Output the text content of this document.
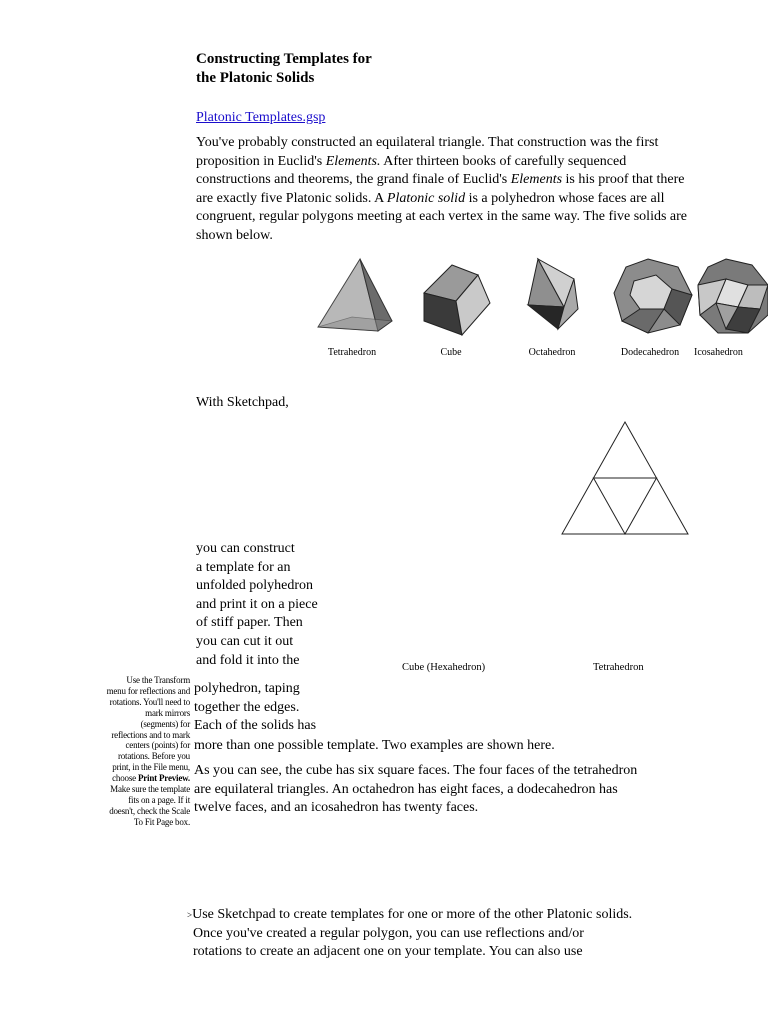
Constructing Templates for
the Platonic Solids
Platonic Templates.gsp
You've probably constructed an equilateral triangle. That construction was the first proposition in Euclid's Elements. After thirteen books of carefully sequenced constructions and theorems, the grand finale of Euclid's Elements is his proof that there are exactly five Platonic solids. A Platonic solid is a polyhedron whose faces are all congruent, regular polygons meeting at each vertex in the same way. The five solids are shown below.
Tetrahedron	Cube	Octahedron	Dodecahedron	Icosahedron
With Sketchpad,
you can construct
a template for an
unfolded polyhedron
and print it on a piece
of stiff paper. Then
you can cut it out
and fold it into the	Cube (Hexahedron)	Tetrahedron
Use the Transform menu for reflections and rotations. You'll need to mark mirrors (segments) for reflections and to mark centers (points) for rotations. Before you print, in the File menu, choose Print Preview. Make sure the template fits on a page. If it doesn't, check the Scale To Fit Page box.
polyhedron, taping
together the edges.
Each of the solids has
more than one possible template. Two examples are shown here.
As you can see, the cube has six square faces. The four faces of the tetrahedron are equilateral triangles. An octahedron has eight faces, a dodecahedron has twelve faces, and an icosahedron has twenty faces.
>Use Sketchpad to create templates for one or more of the other Platonic solids.
Once you've created a regular polygon, you can use reflections and/or
rotations to create an adjacent one on your template. You can also use
